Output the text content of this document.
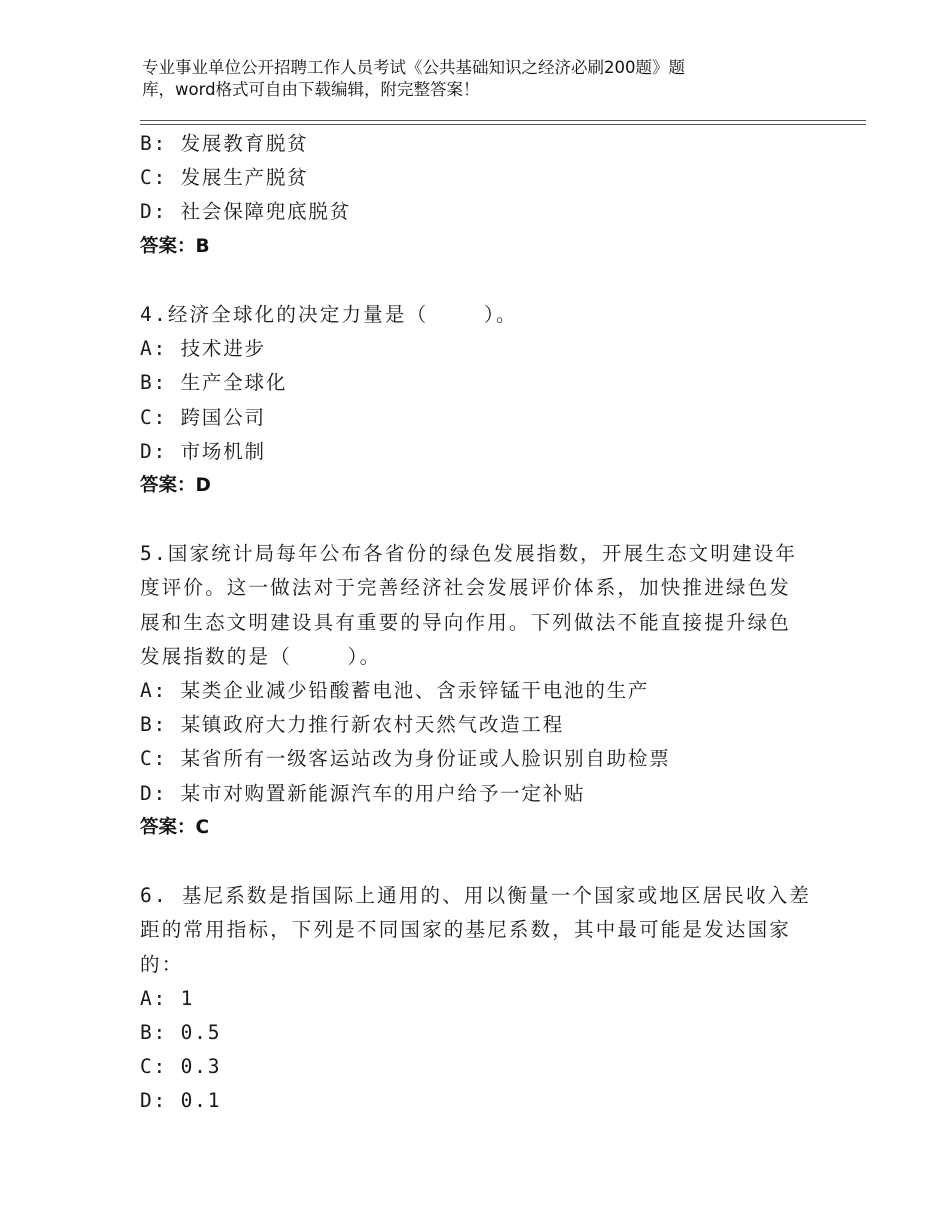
专业事业单位公开招聘工作人员考试《公共基础知识之经济必刷200题》题
库，word格式可自由下载编辑，附完整答案！
B: 发展教育脱贫
C: 发展生产脱贫
D: 社会保障兜底脱贫
答案：B
4.经济全球化的决定力量是（    ）。
A: 技术进步
B: 生产全球化
C: 跨国公司
D: 市场机制
答案：D
5.国家统计局每年公布各省份的绿色发展指数，开展生态文明建设年
度评价。这一做法对于完善经济社会发展评价体系，加快推进绿色发
展和生态文明建设具有重要的导向作用。下列做法不能直接提升绿色
发展指数的是（    ）。
A: 某类企业减少铅酸蓄电池、含汞锌锰干电池的生产
B: 某镇政府大力推行新农村天然气改造工程
C: 某省所有一级客运站改为身份证或人脸识别自助检票
D: 某市对购置新能源汽车的用户给予一定补贴
答案：C
6. 基尼系数是指国际上通用的、用以衡量一个国家或地区居民收入差
距的常用指标，下列是不同国家的基尼系数，其中最可能是发达国家
的：
A: 1
B: 0.5
C: 0.3
D: 0.1
